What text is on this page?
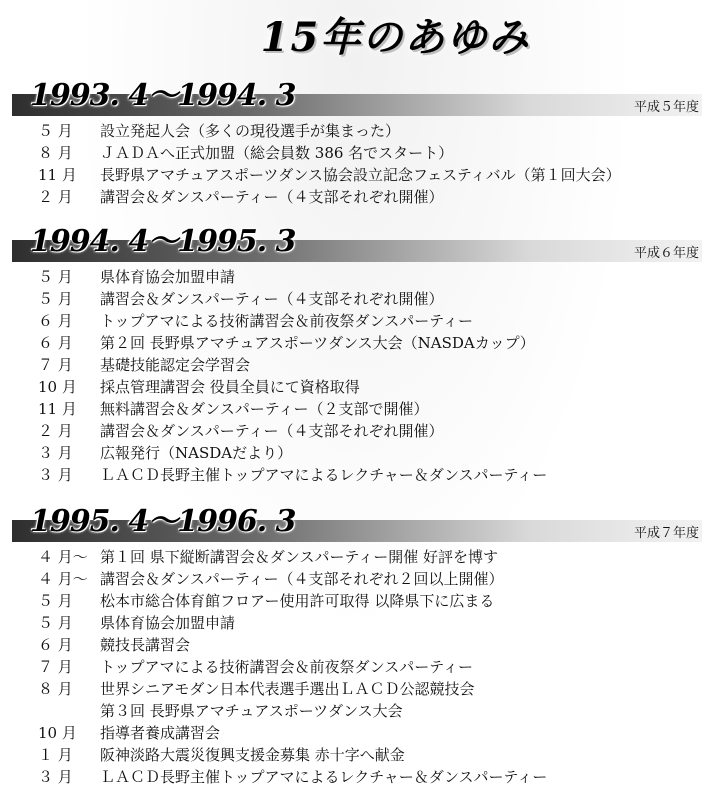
15年のあゆみ
1993. 4〜1994. 3	平成５年度
５ 月	設立発起人会（多くの現役選手が集まった）
８ 月	ＪＡＤＡへ正式加盟（総会員数 386 名でスタート）
11 月	長野県アマチュアスポーツダンス協会設立記念フェスティバル（第１回大会）
２ 月	講習会＆ダンスパーティー（４支部それぞれ開催）
1994. 4〜1995. 3	平成６年度
５ 月	県体育協会加盟申請
５ 月	講習会＆ダンスパーティー（４支部それぞれ開催）
６ 月	トップアマによる技術講習会＆前夜祭ダンスパーティー
６ 月	第２回 長野県アマチュアスポーツダンス大会（NASDAカップ）
７ 月	基礎技能認定会学習会
10 月	採点管理講習会 役員全員にて資格取得
11 月	無料講習会＆ダンスパーティー（２支部で開催）
２ 月	講習会＆ダンスパーティー（４支部それぞれ開催）
３ 月	広報発行（NASDAだより）
３ 月	ＬＡＣＤ長野主催トップアマによるレクチャー＆ダンスパーティー
1995. 4〜1996. 3	平成７年度
４ 月〜 第１回 県下縦断講習会＆ダンスパーティー開催 好評を博す
４ 月〜 講習会＆ダンスパーティー（４支部それぞれ２回以上開催）
５ 月	松本市総合体育館フロアー使用許可取得 以降県下に広まる
５ 月	県体育協会加盟申請
６ 月	競技長講習会
７ 月	トップアマによる技術講習会＆前夜祭ダンスパーティー
８ 月	世界シニアモダン日本代表選手選出ＬＡＣＤ公認競技会
第３回 長野県アマチュアスポーツダンス大会
10 月	指導者養成講習会
１ 月	阪神淡路大震災復興支援金募集 赤十字へ献金
３ 月	ＬＡＣＤ長野主催トップアマによるレクチャー＆ダンスパーティー
